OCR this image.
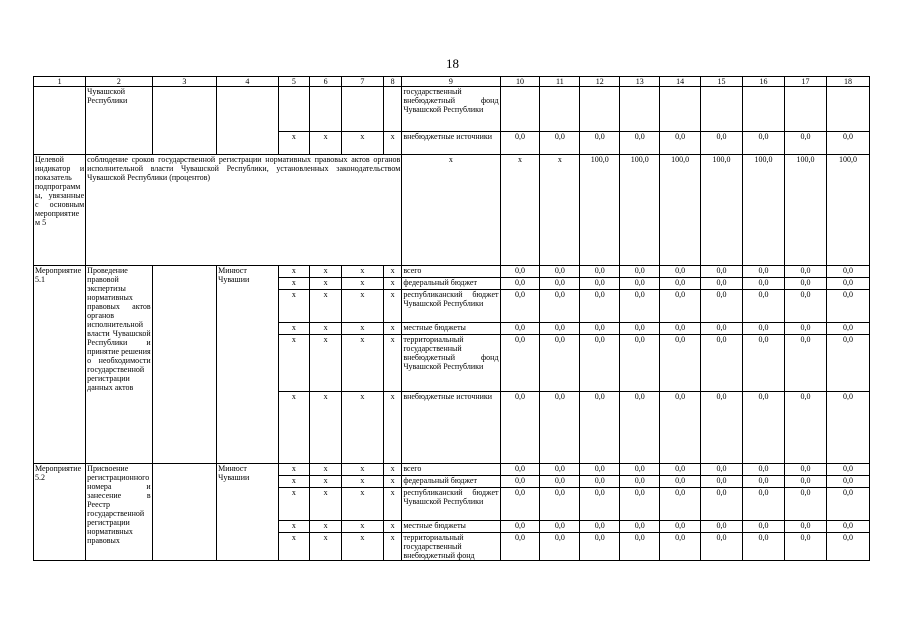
18
1	2	3	4	5	6	7	8	9	10	11	12	13	14	15	16	17	18
	Чувашской Республики							государственный внебюджетный фонд Чувашской Республики									
				x	x	x	x	внебюджетные источники	0,0	0,0	0,0	0,0	0,0	0,0	0,0	0,0	0,0
Целевой индикатор и показатель подпрограммы, увязанные с основным мероприятием 5	соблюдение сроков государственной регистрации нормативных правовых актов органов исполнительной власти Чувашской Республики, установленных законодательством Чувашской Республики (процентов)							x	x	x	100,0	100,0	100,0	100,0	100,0	100,0	100,0
Мероприятие 5.1	Проведение правовой экспертизы нормативных правовых актов органов исполнительной власти Чувашской Республики и принятие решения о необходимости государственной регистрации данных актов		Минюст Чувашии	x	x	x	x	всего	0,0	0,0	0,0	0,0	0,0	0,0	0,0	0,0	0,0
				x	x	x	x	федеральный бюджет	0,0	0,0	0,0	0,0	0,0	0,0	0,0	0,0	0,0
				x	x	x	x	республиканский бюджет Чувашской Республики	0,0	0,0	0,0	0,0	0,0	0,0	0,0	0,0	0,0
				x	x	x	x	местные бюджеты	0,0	0,0	0,0	0,0	0,0	0,0	0,0	0,0	0,0
				x	x	x	x	территориальный государственный внебюджетный фонд Чувашской Республики	0,0	0,0	0,0	0,0	0,0	0,0	0,0	0,0	0,0
				x	x	x	x	внебюджетные источники	0,0	0,0	0,0	0,0	0,0	0,0	0,0	0,0	0,0
Мероприятие 5.2	Присвоение регистрационного номера и занесение в Реестр государственной регистрации нормативных правовых		Минюст Чувашии	x	x	x	x	всего	0,0	0,0	0,0	0,0	0,0	0,0	0,0	0,0	0,0
				x	x	x	x	федеральный бюджет	0,0	0,0	0,0	0,0	0,0	0,0	0,0	0,0	0,0
				x	x	x	x	республиканский бюджет Чувашской Республики	0,0	0,0	0,0	0,0	0,0	0,0	0,0	0,0	0,0
				x	x	x	x	местные бюджеты	0,0	0,0	0,0	0,0	0,0	0,0	0,0	0,0	0,0
				x	x	x	x	территориальный государственный внебюджетный фонд	0,0	0,0	0,0	0,0	0,0	0,0	0,0	0,0	0,0
